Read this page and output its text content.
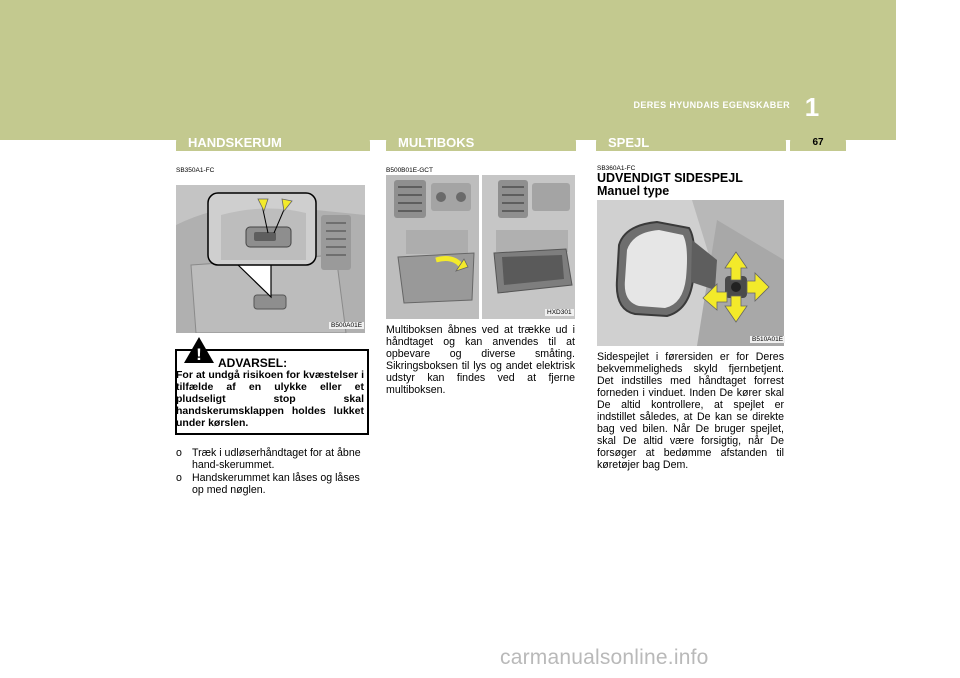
1
DERES HYUNDAIS EGENSKABER
HANDSKERUM	MULTIBOKS	SPEJL	67
SB350A1-FC
B500A01E
! ADVARSEL:

For at undgå risikoen for kvæstelser i tilfælde af en ulykke eller et pludseligt stop skal handskerumsklappen holdes lukket under kørslen.

o Træk i udløserhåndtaget for at åbne hand-skerummet.
o Handskerummet kan låses og låses op med nøglen.
B500B01E-GCT
HXD301

Multiboksen åbnes ved at trække ud i håndtaget og kan anvendes til at opbevare og diverse småting. Sikringsboksen til lys og andet elektrisk udstyr kan findes ved at fjerne multiboksen.

SB360A1-FC
UDVENDIGT SIDESPEJL
Manuel type
B510A01E

Sidespejlet i førersiden er for Deres bekvemmeligheds skyld fjernbetjent. Det indstilles med håndtaget forrest forneden i vinduet. Inden De kører skal De altid kontrollere, at spejlet er indstillet således, at De kan se direkte bag ved bilen. Når De bruger spejlet, skal De altid være forsigtig, når De forsøger at bedømme afstanden til køretøjer bag Dem.

carmanualsonline.info
